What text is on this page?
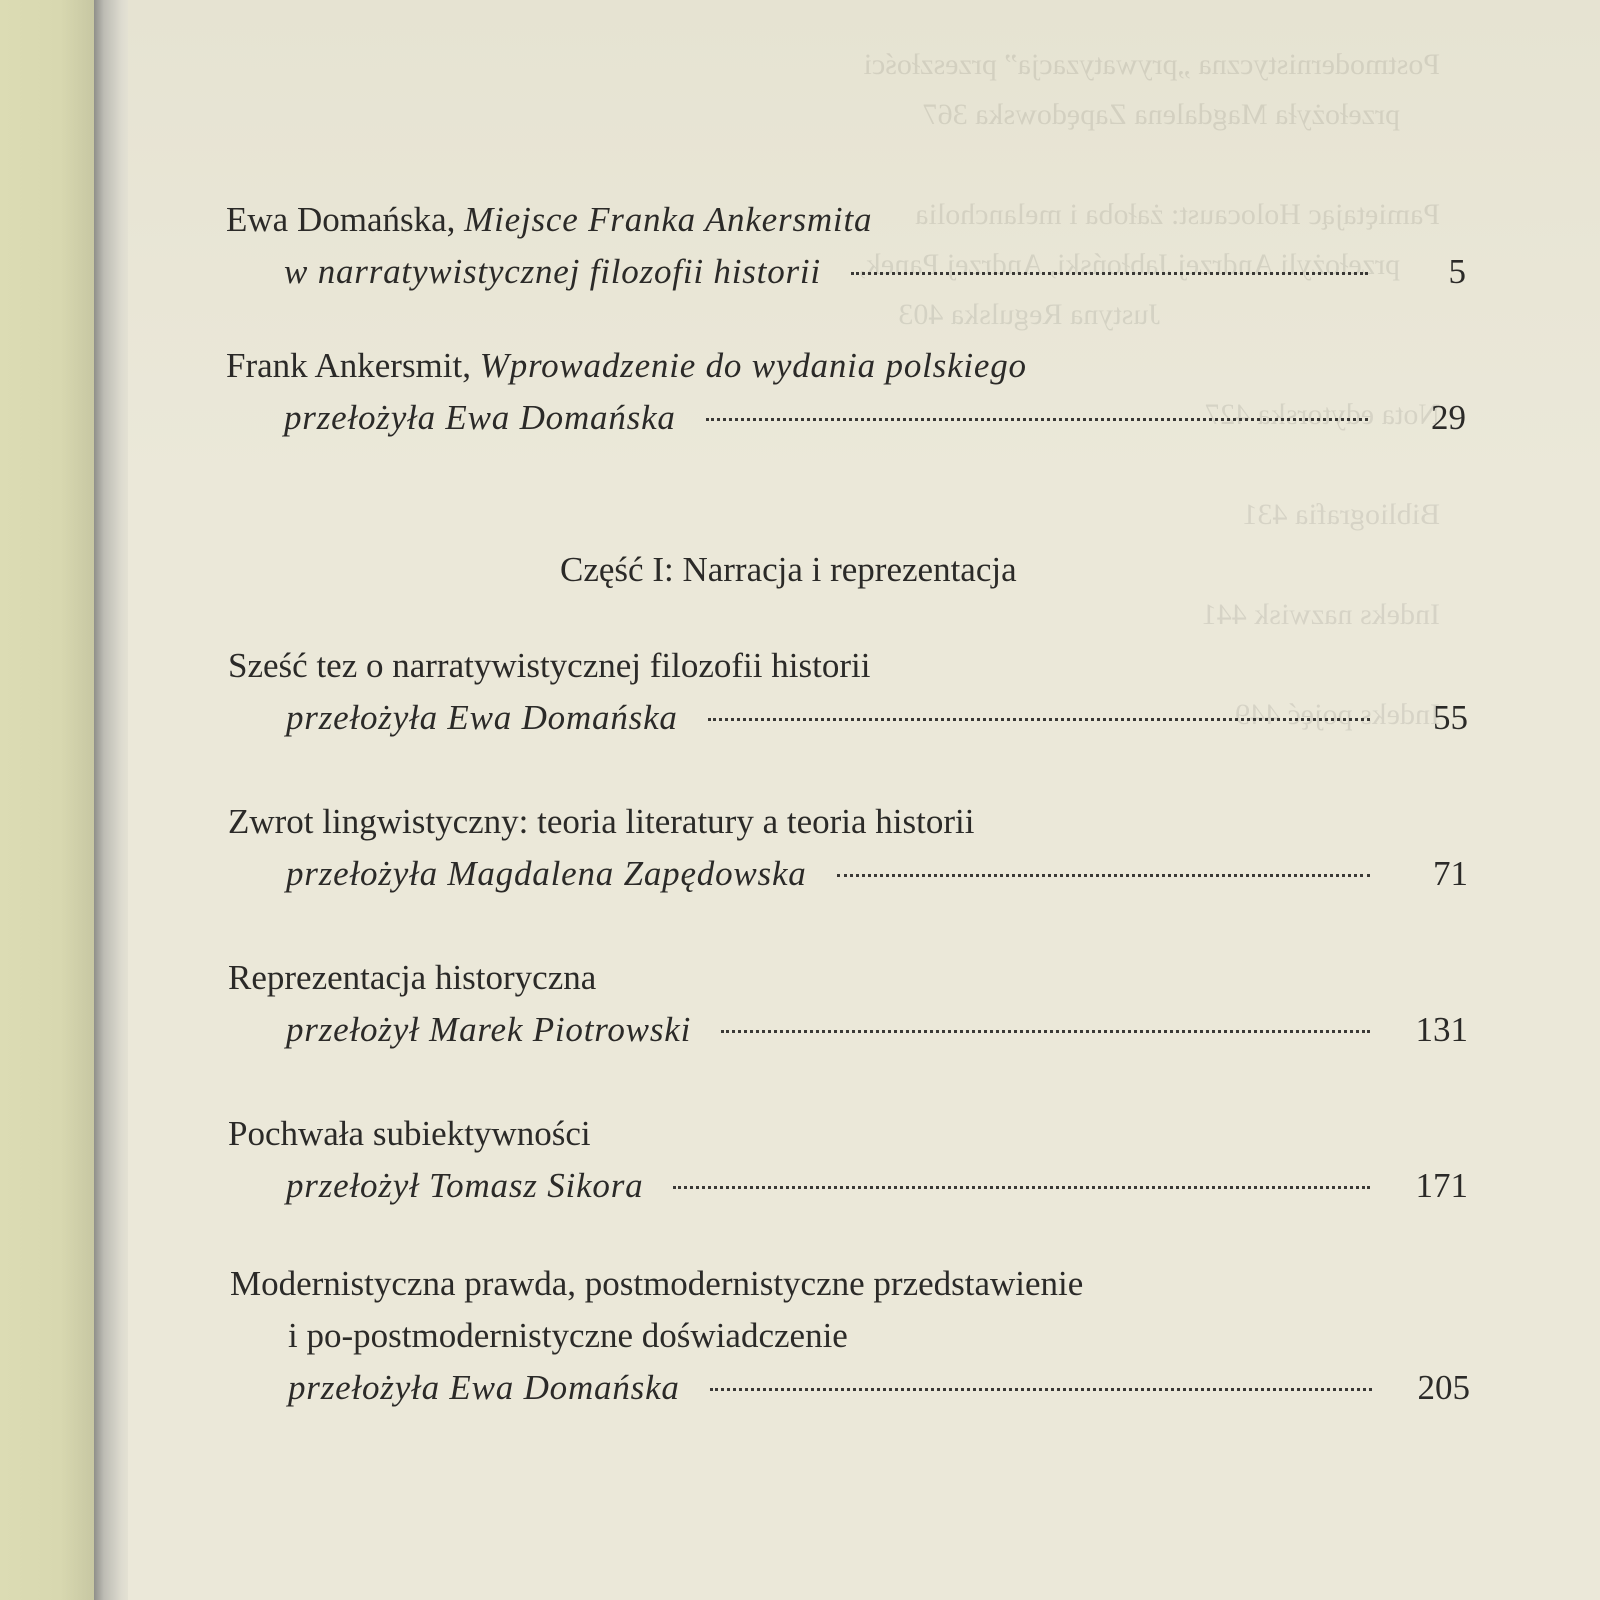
Ewa Domańska, Miejsce Franka Ankersmita
w narratywistycznej filozofii historii	5
Frank Ankersmit, Wprowadzenie do wydania polskiego
przełożyła Ewa Domańska	29
Część I: Narracja i reprezentacja
Sześć tez o narratywistycznej filozofii historii
przełożyła Ewa Domańska	55
Zwrot lingwistyczny: teoria literatury a teoria historii
przełożyła Magdalena Zapędowska	71
Reprezentacja historyczna
przełożył Marek Piotrowski	131
Pochwała subiektywności
przełożył Tomasz Sikora	171
Modernistyczna prawda, postmodernistyczne przedstawienie
i po-postmodernistyczne doświadczenie
przełożyła Ewa Domańska	205
